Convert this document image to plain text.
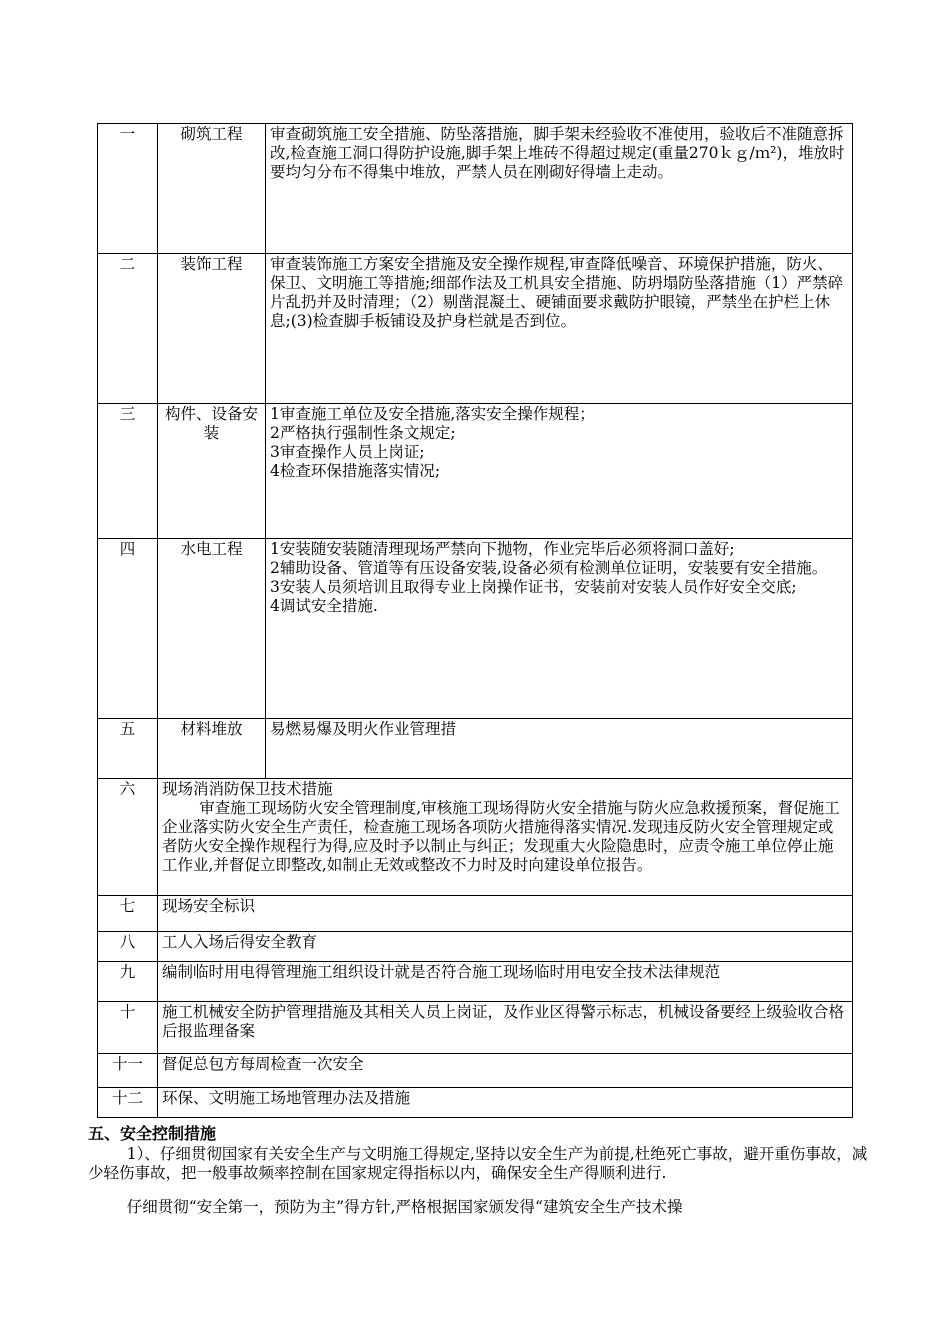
一	砌筑工程	审查砌筑施工安全措施、防坠落措施，脚手架未经验收不准使用，验收后不准随意拆改,检查施工洞口得防护设施,脚手架上堆砖不得超过规定(重量270ｋｇ/ｍ²)，堆放时要均匀分布不得集中堆放，严禁人员在刚砌好得墙上走动。
二	装饰工程	审查装饰施工方案安全措施及安全操作规程,审查降低噪音、环境保护措施，防火、保卫、文明施工等措施;细部作法及工机具安全措施、防坍塌防坠落措施（1）严禁碎片乱扔并及时清理；（2）剔凿混凝土、硬铺面要求戴防护眼镜，严禁坐在护栏上休息;(3)检查脚手板铺设及护身栏就是否到位。
三	构件、设备安装	1审查施工单位及安全措施,落实安全操作规程；
2严格执行强制性条文规定;
3审查操作人员上岗证;
4检查环保措施落实情况;

四	水电工程	1安装随安装随清理现场严禁向下抛物，作业完毕后必须将洞口盖好;
2辅助设备、管道等有压设备安装,设备必须有检测单位证明，安装要有安全措施。
3安装人员须培训且取得专业上岗操作证书，安装前对安装人员作好安全交底;
4调试安全措施.

五	材料堆放	易燃易爆及明火作业管理措
六	现场消消防保卫技术措施
审查施工现场防火安全管理制度,审核施工现场得防火安全措施与防火应急救援预案，督促施工企业落实防火安全生产责任，检查施工现场各项防火措施得落实情况.发现违反防火安全管理规定或者防火安全操作规程行为得,应及时予以制止与纠正；发现重大火险隐患时，应责令施工单位停止施工作业,并督促立即整改,如制止无效或整改不力时及时向建设单位报告。	

七	现场安全标识	
八	工人入场后得安全教育	
九	编制临时用电得管理施工组织设计就是否符合施工现场临时用电安全技术法律规范	
十	施工机械安全防护管理措施及其相关人员上岗证，及作业区得警示标志，机械设备要经上级验收合格后报监理备案	
十一	督促总包方每周检查一次安全	
十二	环保、文明施工场地管理办法及措施	
五、安全控制措施
1）、仔细贯彻国家有关安全生产与文明施工得规定,坚持以安全生产为前提,杜绝死亡事故，避开重伤事故，减少轻伤事故，把一般事故频率控制在国家规定得指标以内，确保安全生产得顺利进行.
仔细贯彻“安全第一，预防为主”得方针,严格根据国家颁发得“建筑安全生产技术操
